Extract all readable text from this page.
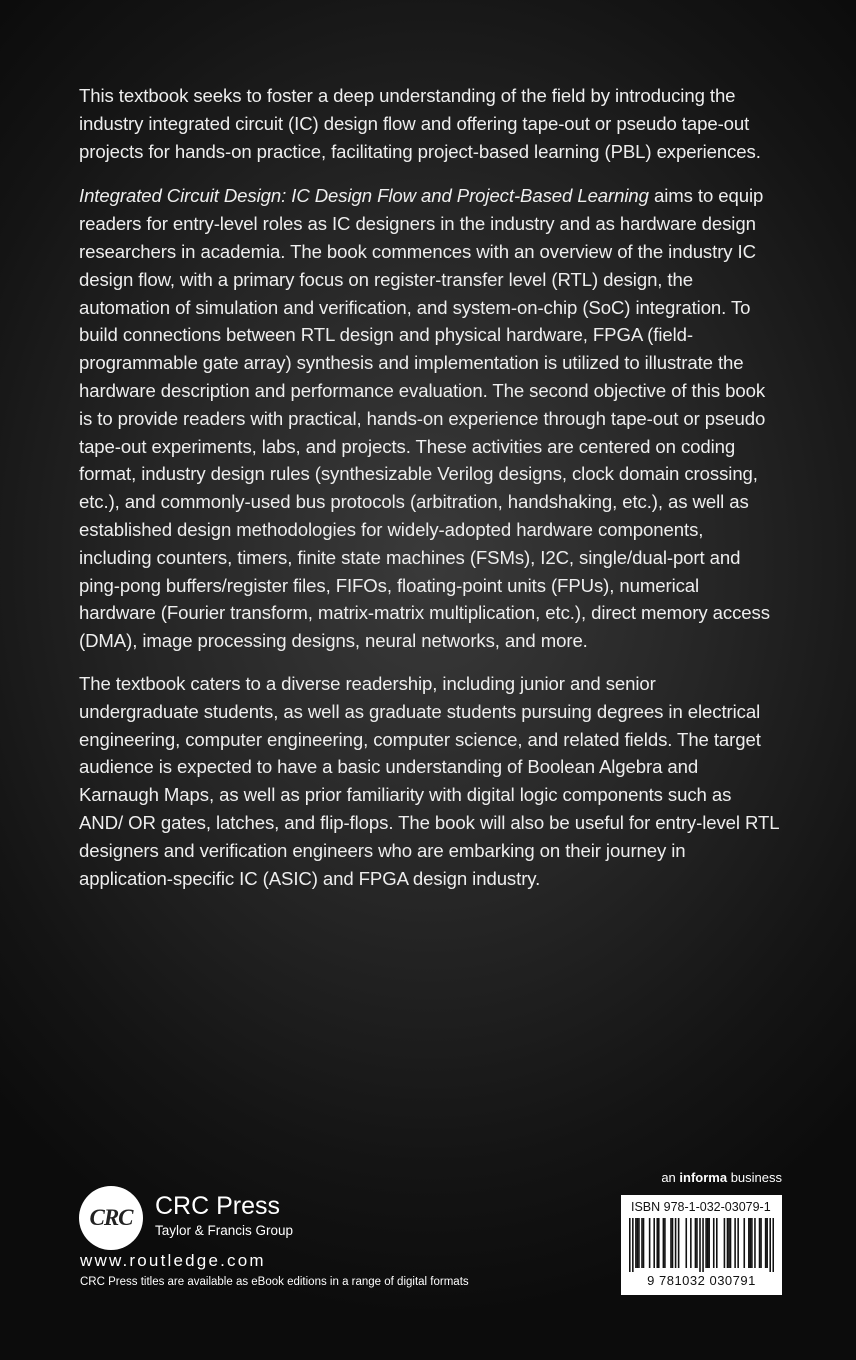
This textbook seeks to foster a deep understanding of the field by introducing the industry integrated circuit (IC) design flow and offering tape-out or pseudo tape-out projects for hands-on practice, facilitating project-based learning (PBL) experiences.

Integrated Circuit Design: IC Design Flow and Project-Based Learning aims to equip readers for entry-level roles as IC designers in the industry and as hardware design researchers in academia. The book commences with an overview of the industry IC design flow, with a primary focus on register-transfer level (RTL) design, the automation of simulation and verification, and system-on-chip (SoC) integration. To build connections between RTL design and physical hardware, FPGA (field-programmable gate array) synthesis and implementation is utilized to illustrate the hardware description and performance evaluation. The second objective of this book is to provide readers with practical, hands-on experience through tape-out or pseudo tape-out experiments, labs, and projects. These activities are centered on coding format, industry design rules (synthesizable Verilog designs, clock domain crossing, etc.), and commonly-used bus protocols (arbitration, handshaking, etc.), as well as established design methodologies for widely-adopted hardware components, including counters, timers, finite state machines (FSMs), I2C, single/dual-port and ping-pong buffers/register files, FIFOs, floating-point units (FPUs), numerical hardware (Fourier transform, matrix-matrix multiplication, etc.), direct memory access (DMA), image processing designs, neural networks, and more.

The textbook caters to a diverse readership, including junior and senior undergraduate students, as well as graduate students pursuing degrees in electrical engineering, computer engineering, computer science, and related fields. The target audience is expected to have a basic understanding of Boolean Algebra and Karnaugh Maps, as well as prior familiarity with digital logic components such as AND/ OR gates, latches, and flip-flops. The book will also be useful for entry-level RTL designers and verification engineers who are embarking on their journey in application-specific IC (ASIC) and FPGA design industry.

CRC CRC Press
Taylor & Francis Group
www.routledge.com
CRC Press titles are available as eBook editions in a range of digital formats
an informa business
ISBN 978-1-032-03079-1
9 781032 030791
